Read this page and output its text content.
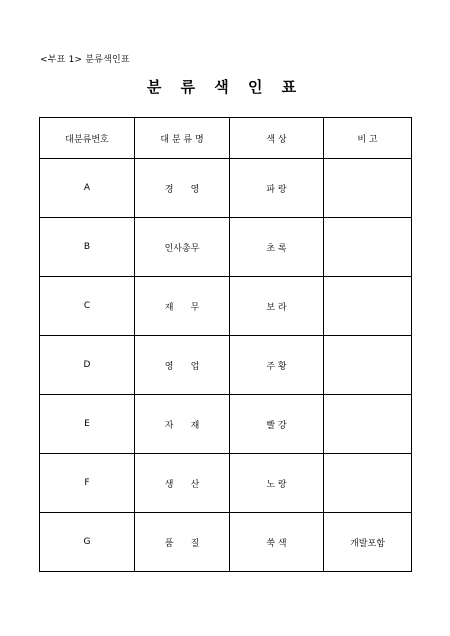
<부표 1> 분류색인표
분 류 색 인 표
대분류번호	대 분 류 명	색 상	비 고
A	경      영	파 랑	
B	인사총무	초 록	
C	재      무	보 라	
D	영      업	주 황	
E	자      재	빨 강	
F	생      산	노 랑	
G	품      질	쑥 색	개발포함
